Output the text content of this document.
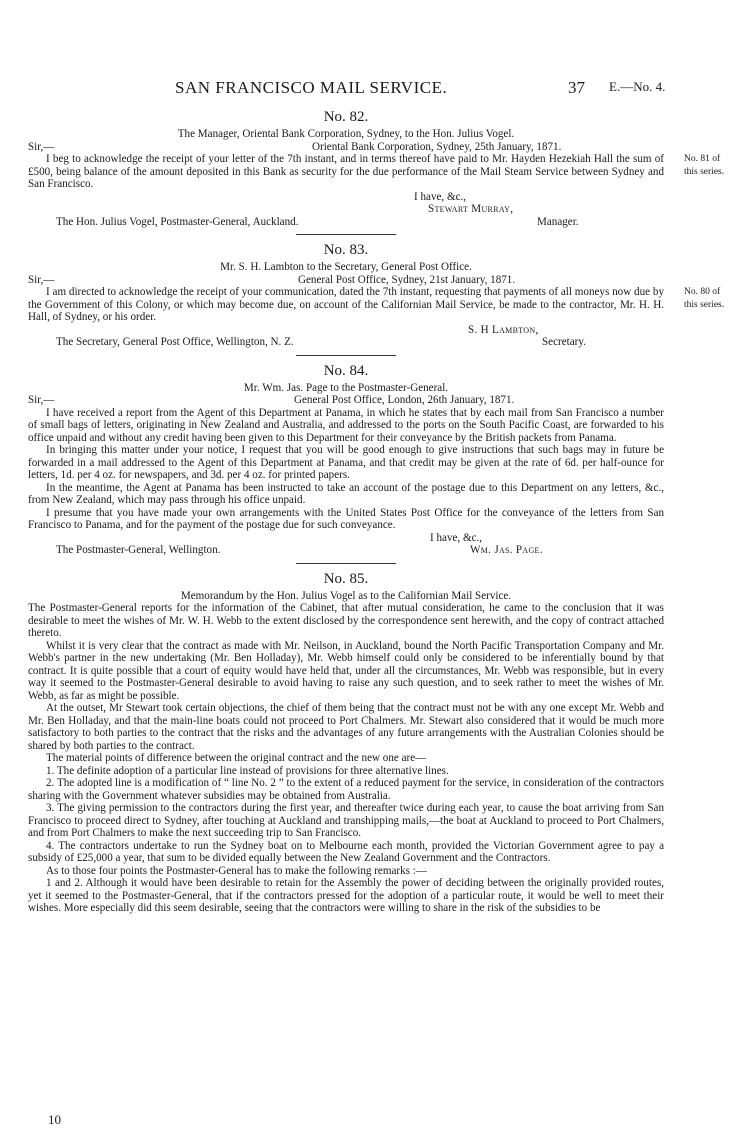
SAN FRANCISCO MAIL SERVICE.	37 E.—No. 4.
No. 82.
The Manager, Oriental Bank Corporation, Sydney, to the Hon. Julius Vogel.
Sir,—	Oriental Bank Corporation, Sydney, 25th January, 1871.

I beg to acknowledge the receipt of your letter of the 7th instant, and in terms thereof have paid to Mr. Hayden Hezekiah Hall the sum of £500, being balance of the amount deposited in this Bank as security for the due performance of the Mail Steam Service between Sydney and San Francisco.

No. 81 of this series.
I have, &c.,
Stewart Murray,
The Hon. Julius Vogel, Postmaster-General, Auckland.	Manager.
No. 83.
Mr. S. H. Lambton to the Secretary, General Post Office.
Sir,—	General Post Office, Sydney, 21st January, 1871.

I am directed to acknowledge the receipt of your communication, dated the 7th instant, requesting that payments of all moneys now due by the Government of this Colony, or which may become due, on account of the Californian Mail Service, be made to the contractor, Mr. H. H. Hall, of Sydney, or his order.

No. 80 of this series.
S. H Lambton,
The Secretary, General Post Office, Wellington, N. Z.	Secretary.
No. 84.
Mr. Wm. Jas. Page to the Postmaster-General.
Sir,—	General Post Office, London, 26th January, 1871.

I have received a report from the Agent of this Department at Panama, in which he states that by each mail from San Francisco a number of small bags of letters, originating in New Zealand and Australia, and addressed to the ports on the South Pacific Coast, are forwarded to his office unpaid and without any credit having been given to this Department for their conveyance by the British packets from Panama.

In bringing this matter under your notice, I request that you will be good enough to give instructions that such bags may in future be forwarded in a mail addressed to the Agent of this Department at Panama, and that credit may be given at the rate of 6d. per half-ounce for letters, 1d. per 4 oz. for newspapers, and 3d. per 4 oz. for printed papers.

In the meantime, the Agent at Panama has been instructed to take an account of the postage due to this Department on any letters, &c., from New Zealand, which may pass through his office unpaid.

I presume that you have made your own arrangements with the United States Post Office for the conveyance of the letters from San Francisco to Panama, and for the payment of the postage due for such conveyance.

I have, &c.,
The Postmaster-General, Wellington.	Wm. Jas. Page.
No. 85.
Memorandum by the Hon. Julius Vogel as to the Californian Mail Service.

The Postmaster-General reports for the information of the Cabinet, that after mutual consideration, he came to the conclusion that it was desirable to meet the wishes of Mr. W. H. Webb to the extent disclosed by the correspondence sent herewith, and the copy of contract attached thereto.

Whilst it is very clear that the contract as made with Mr. Neilson, in Auckland, bound the North Pacific Transportation Company and Mr. Webb's partner in the new undertaking (Mr. Ben Holladay), Mr. Webb himself could only be considered to be inferentially bound by that contract. It is quite possible that a court of equity would have held that, under all the circumstances, Mr. Webb was responsible, but in every way it seemed to the Postmaster-General desirable to avoid having to raise any such question, and to seek rather to meet the wishes of Mr. Webb, as far as might be possible.

At the outset, Mr Stewart took certain objections, the chief of them being that the contract must not be with any one except Mr. Webb and Mr. Ben Holladay, and that the main-line boats could not proceed to Port Chalmers. Mr. Stewart also considered that it would be much more satisfactory to both parties to the contract that the risks and the advantages of any future arrangements with the Australian Colonies should be shared by both parties to the contract.

The material points of difference between the original contract and the new one are—

1. The definite adoption of a particular line instead of provisions for three alternative lines.

2. The adopted line is a modification of “ line No. 2 ” to the extent of a reduced payment for the service, in consideration of the contractors sharing with the Government whatever subsidies may be obtained from Australia.

3. The giving permission to the contractors during the first year, and thereafter twice during each year, to cause the boat arriving from San Francisco to proceed direct to Sydney, after touching at Auckland and transhipping mails,—the boat at Auckland to proceed to Port Chalmers, and from Port Chalmers to make the next succeeding trip to San Francisco.

4. The contractors undertake to run the Sydney boat on to Melbourne each month, provided the Victorian Government agree to pay a subsidy of £25,000 a year, that sum to be divided equally between the New Zealand Government and the Contractors.

As to those four points the Postmaster-General has to make the following remarks :—

1 and 2. Although it would have been desirable to retain for the Assembly the power of deciding between the originally provided routes, yet it seemed to the Postmaster-General, that if the contractors pressed for the adoption of a particular route, it would be well to meet their wishes. More especially did this seem desirable, seeing that the contractors were willing to share in the risk of the subsidies to be

10
